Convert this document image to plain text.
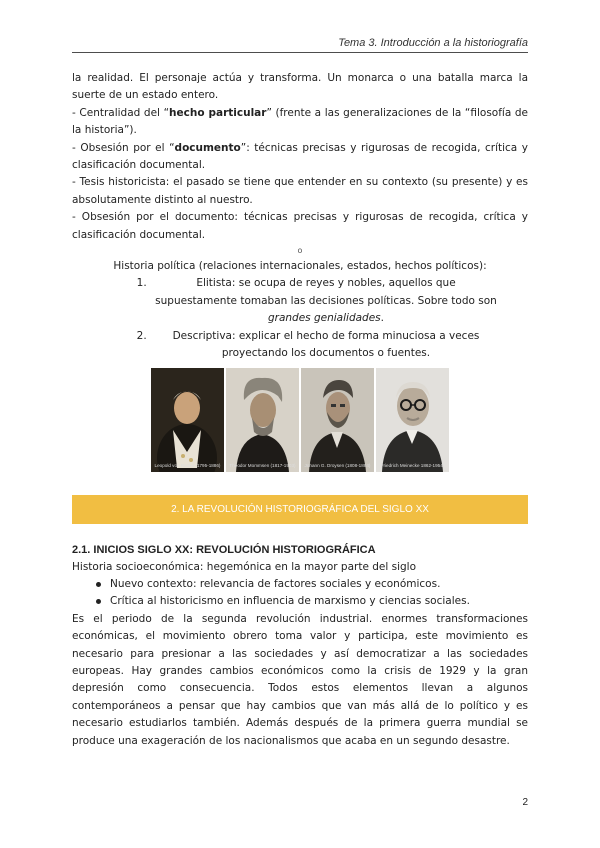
Tema 3. Introducción a la historiografía

la realidad. El personaje actúa y transforma. Un monarca o una batalla marca la suerte de un estado entero.

- Centralidad del “hecho particular” (frente a las generalizaciones de la “filosofía de la historia”).

- Obsesión por el “documento”: técnicas precisas y rigurosas de recogida, crítica y clasificación documental.

- Tesis historicista: el pasado se tiene que entender en su contexto (su presente) y es absolutamente distinto al nuestro.

- Obsesión por el documento: técnicas precisas y rigurosas de recogida, crítica y clasificación documental.

o

Historia política (relaciones internacionales, estados, hechos políticos):

1. Elitista: se ocupa de reyes y nobles, aquellos que supuestamente tomaban las decisiones políticas. Sobre todo son grandes genialidades.
2. Descriptiva: explicar el hecho de forma minuciosa a veces proyectando los documentos o fuentes.
Leopold von Ranke (1795-1886)	Theodor Mommsen (1817-1903)	Johann G. Droysen (1808-1884)	Friedrich Meinecke 1862-1954)
2. LA REVOLUCIÓN HISTORIOGRÁFICA DEL SIGLO XX
2.1. INICIOS SIGLO XX: REVOLUCIÓN HISTORIOGRÁFICA

Historia socioeconómica: hegemónica en la mayor parte del siglo

Nuevo contexto: relevancia de factores sociales y económicos.
Crítica al historicismo en influencia de marxismo y ciencias sociales.

Es el periodo de la segunda revolución industrial. enormes transformaciones económicas, el movimiento obrero toma valor y participa, este movimiento es necesario para presionar a las sociedades y así democratizar a las sociedades europeas. Hay grandes cambios económicos como la crisis de 1929 y la gran depresión como consecuencia. Todos estos elementos llevan a algunos contemporáneos a pensar que hay cambios que van más allá de lo político y es necesario estudiarlos también. Además después de la primera guerra mundial se produce una exageración de los nacionalismos que acaba en un segundo desastre.

2
